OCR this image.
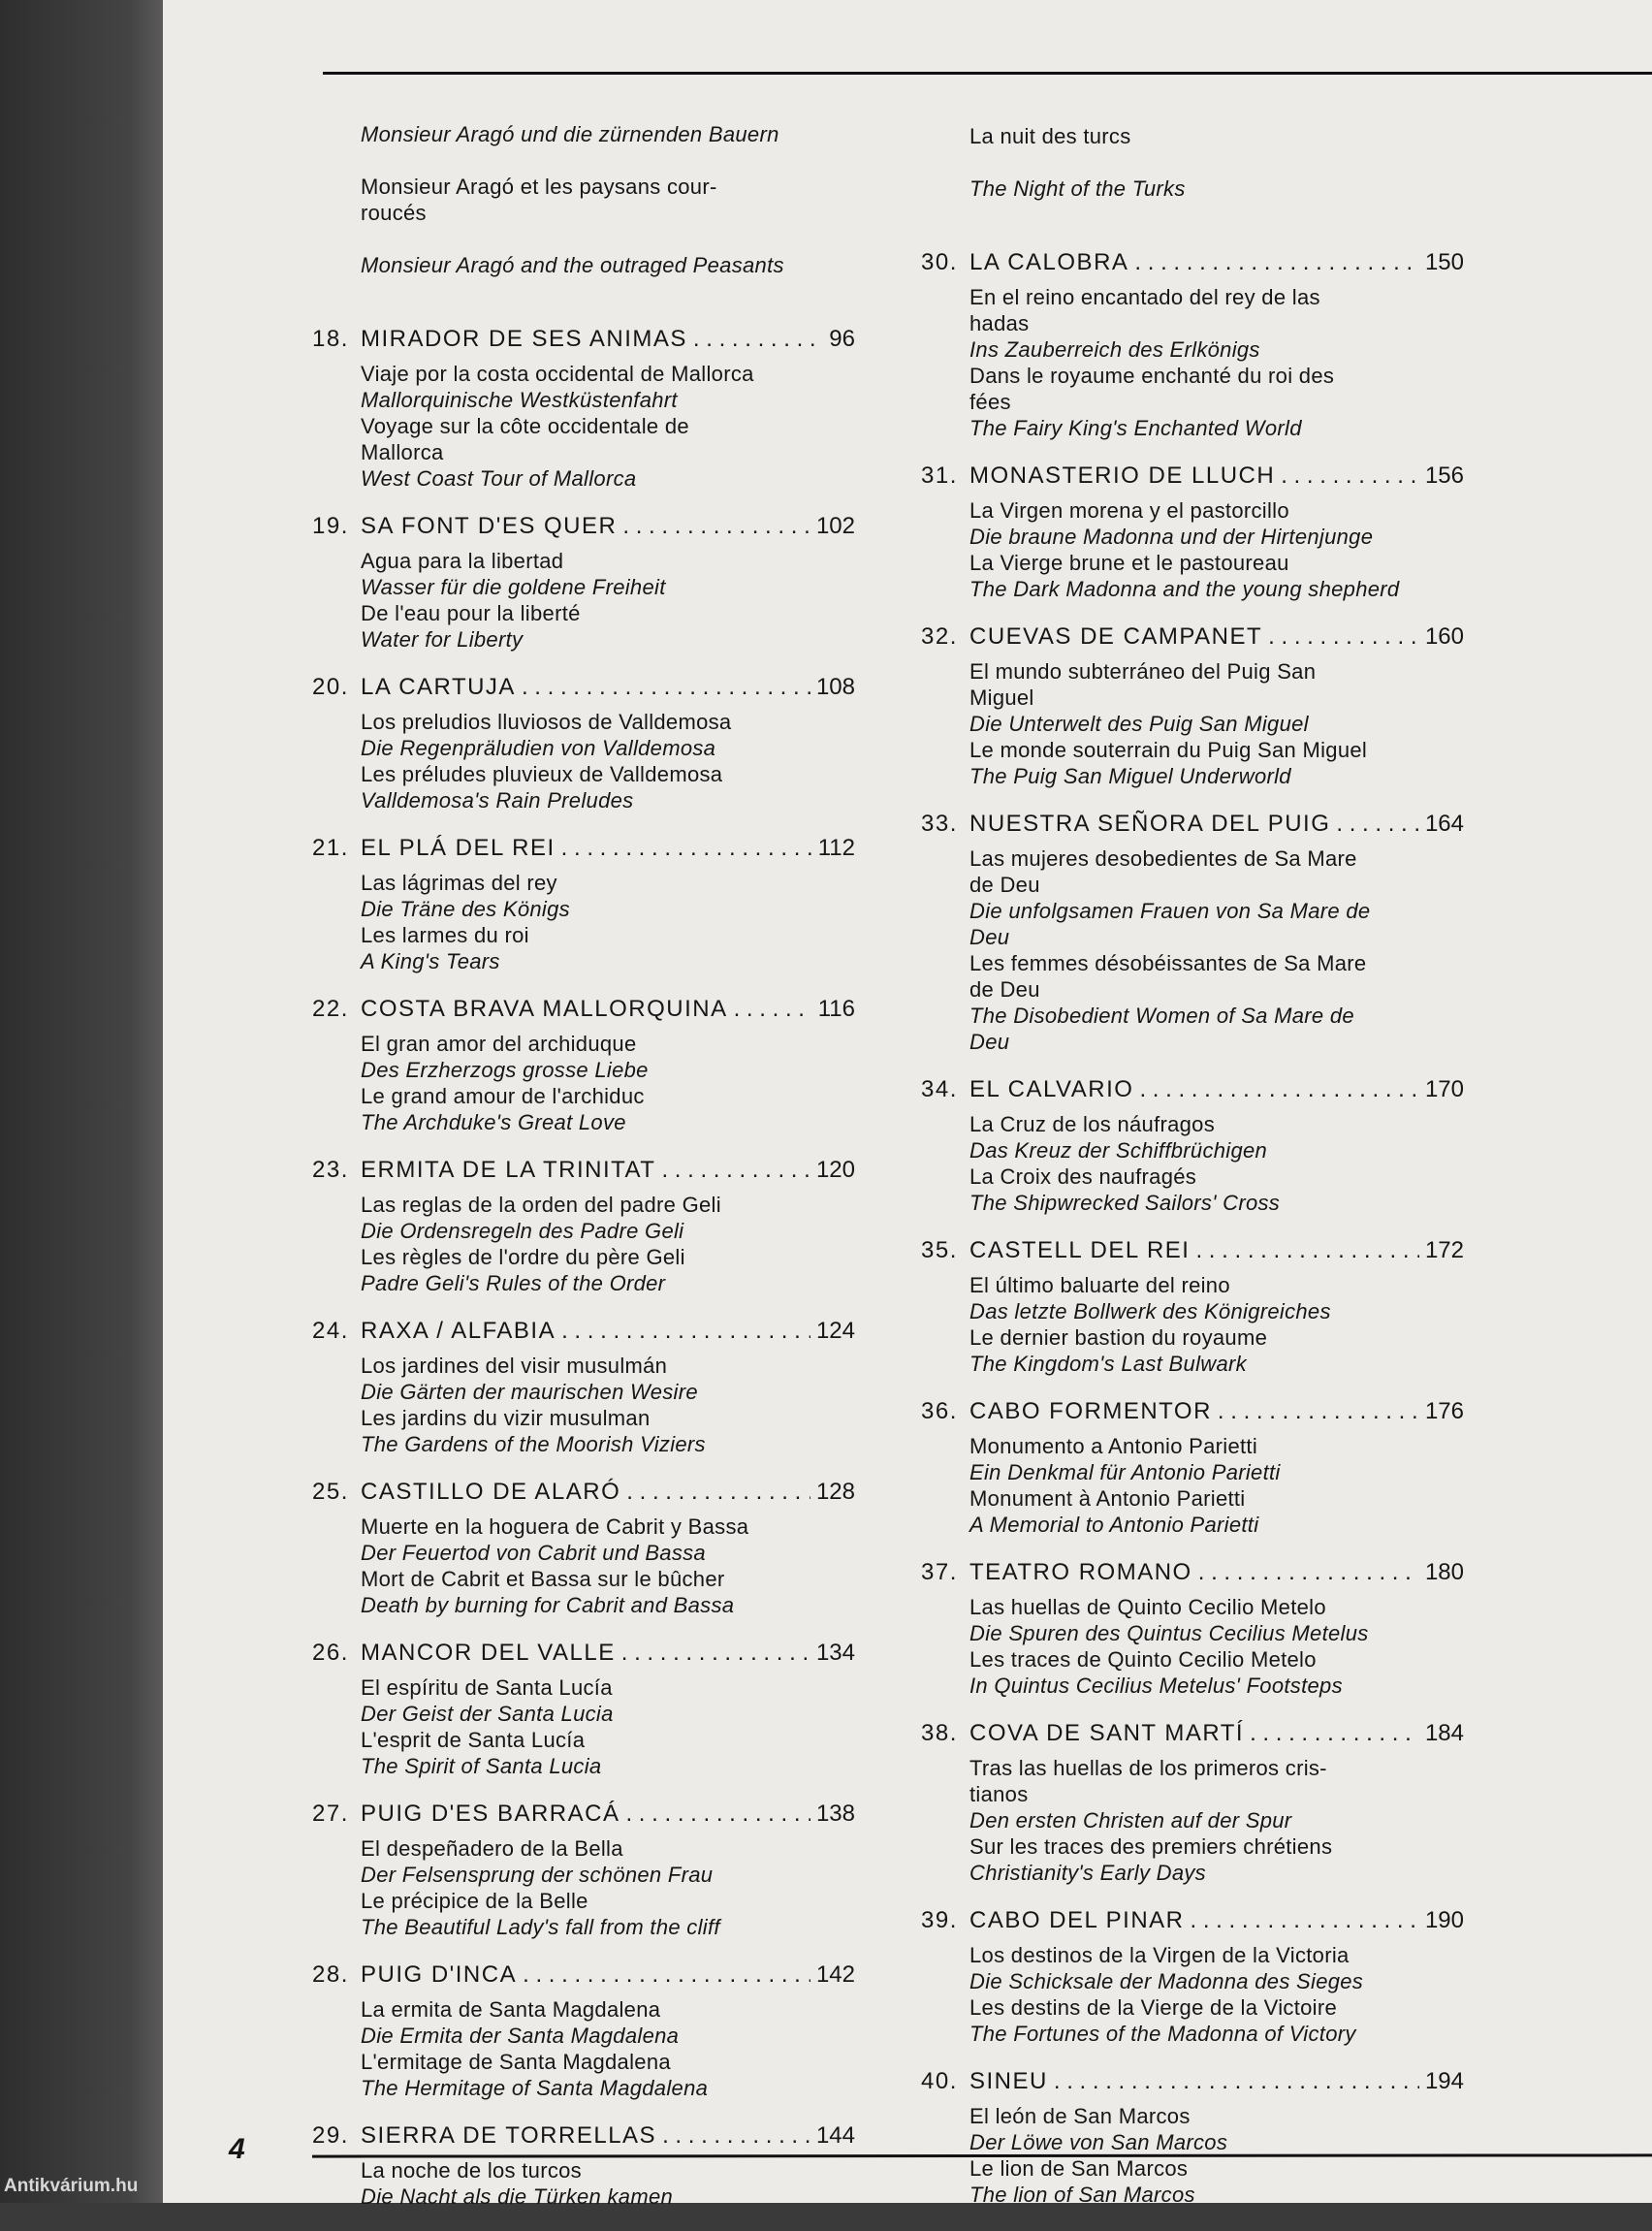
4
Antikvárium.hu

Monsieur Aragó und die zürnenden Bauern

Monsieur Aragó et les paysans cour-
roucés

Monsieur Aragó and the outraged Peasants

18. MIRADOR DE SES ANIMAS . . .	96
Viaje por la costa occidental de Mallorca
Mallorquinische Westküstenfahrt
Voyage sur la côte occidentale de
Mallorca
West Coast Tour of Mallorca
19. SA FONT D'ES QUER . . .	102
Agua para la libertad
Wasser für die goldene Freiheit
De l'eau pour la liberté
Water for Liberty
20. LA CARTUJA . . .	108
Los preludios lluviosos de Valldemosa
Die Regenpräludien von Valldemosa
Les préludes pluvieux de Valldemosa
Valldemosa's Rain Preludes
21. EL PLÁ DEL REI . . .	112
Las lágrimas del rey
Die Träne des Königs
Les larmes du roi
A King's Tears
22. COSTA BRAVA MALLORQUINA . . .	116
El gran amor del archiduque
Des Erzherzogs grosse Liebe
Le grand amour de l'archiduc
The Archduke's Great Love
23. ERMITA DE LA TRINITAT . . .	120
Las reglas de la orden del padre Geli
Die Ordensregeln des Padre Geli
Les règles de l'ordre du père Geli
Padre Geli's Rules of the Order
24. RAXA / ALFABIA . . .	124
Los jardines del visir musulmán
Die Gärten der maurischen Wesire
Les jardins du vizir musulman
The Gardens of the Moorish Viziers
25. CASTILLO DE ALARÓ . . .	128
Muerte en la hoguera de Cabrit y Bassa
Der Feuertod von Cabrit und Bassa
Mort de Cabrit et Bassa sur le bûcher
Death by burning for Cabrit and Bassa
26. MANCOR DEL VALLE . . .	134
El espíritu de Santa Lucía
Der Geist der Santa Lucia
L'esprit de Santa Lucía
The Spirit of Santa Lucia
27. PUIG D'ES BARRACÁ . . .	138
El despeñadero de la Bella
Der Felsensprung der schönen Frau
Le précipice de la Belle
The Beautiful Lady's fall from the cliff
28. PUIG D'INCA . . .	142
La ermita de Santa Magdalena
Die Ermita der Santa Magdalena
L'ermitage de Santa Magdalena
The Hermitage of Santa Magdalena
29. SIERRA DE TORRELLAS . . .	144
La noche de los turcos
Die Nacht als die Türken kamen

La nuit des turcs

The Night of the Turks

30. LA CALOBRA . . .	150
En el reino encantado del rey de las
hadas
Ins Zauberreich des Erlkönigs
Dans le royaume enchanté du roi des
fées
The Fairy King's Enchanted World
31. MONASTERIO DE LLUCH . . .	156
La Virgen morena y el pastorcillo
Die braune Madonna und der Hirtenjunge
La Vierge brune et le pastoureau
The Dark Madonna and the young shepherd
32. CUEVAS DE CAMPANET . . .	160
El mundo subterráneo del Puig San
Miguel
Die Unterwelt des Puig San Miguel
Le monde souterrain du Puig San Miguel
The Puig San Miguel Underworld
33. NUESTRA SEÑORA DEL PUIG . . .	164
Las mujeres desobedientes de Sa Mare
de Deu
Die unfolgsamen Frauen von Sa Mare de
Deu
Les femmes désobéissantes de Sa Mare
de Deu
The Disobedient Women of Sa Mare de
Deu
34. EL CALVARIO . . .	170
La Cruz de los náufragos
Das Kreuz der Schiffbrüchigen
La Croix des naufragés
The Shipwrecked Sailors' Cross
35. CASTELL DEL REI . . .	172
El último baluarte del reino
Das letzte Bollwerk des Königreiches
Le dernier bastion du royaume
The Kingdom's Last Bulwark
36. CABO FORMENTOR . . .	176
Monumento a Antonio Parietti
Ein Denkmal für Antonio Parietti
Monument à Antonio Parietti
A Memorial to Antonio Parietti
37. TEATRO ROMANO . . .	180
Las huellas de Quinto Cecilio Metelo
Die Spuren des Quintus Cecilius Metelus
Les traces de Quinto Cecilio Metelo
In Quintus Cecilius Metelus' Footsteps
38. COVA DE SANT MARTÍ . . .	184
Tras las huellas de los primeros cris-
tianos
Den ersten Christen auf der Spur
Sur les traces des premiers chrétiens
Christianity's Early Days
39. CABO DEL PINAR . . .	190
Los destinos de la Virgen de la Victoria
Die Schicksale der Madonna des Sieges
Les destins de la Vierge de la Victoire
The Fortunes of the Madonna of Victory
40. SINEU . . .	194
El león de San Marcos
Der Löwe von San Marcos
Le lion de San Marcos
The lion of San Marcos
